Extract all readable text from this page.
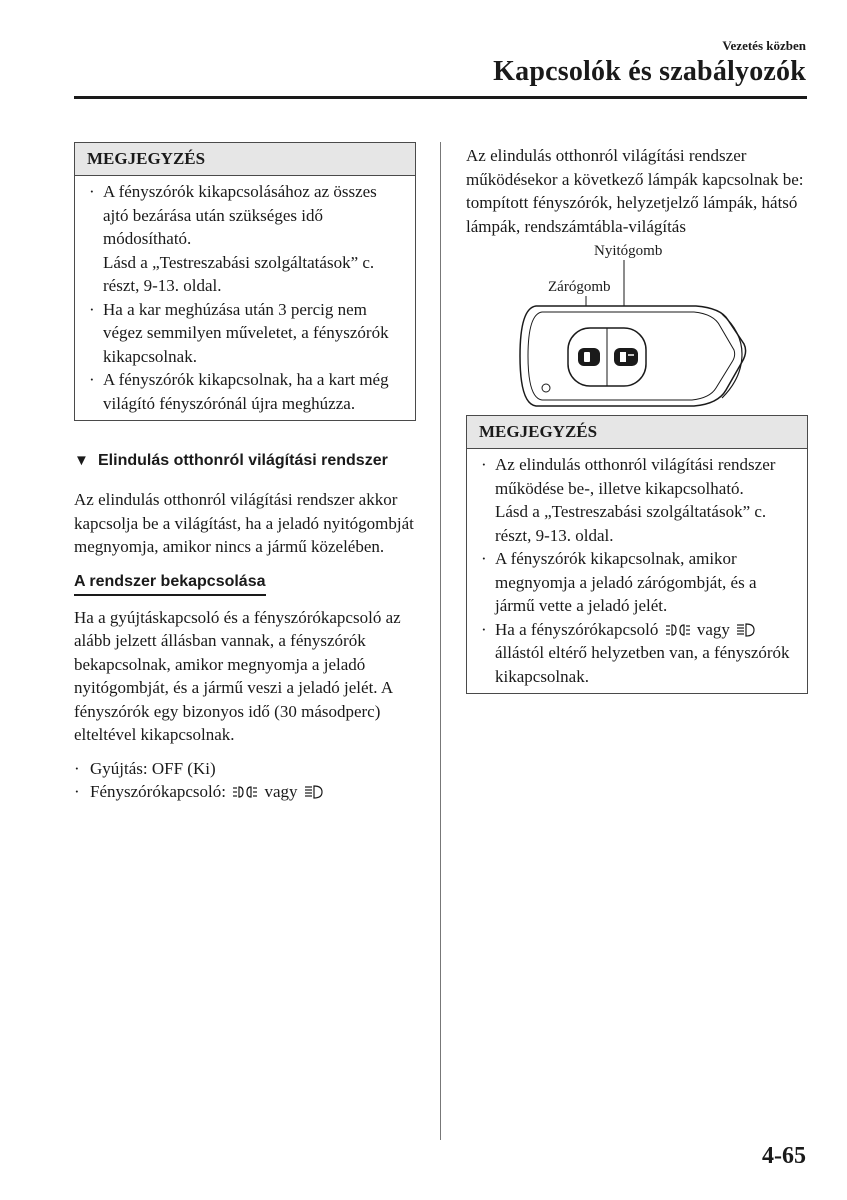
Vezetés közben
Kapcsolók és szabályozók
MEGJEGYZÉS
· A fényszórók kikapcsolásához az összes ajtó bezárása után szükséges idő módosítható.
Lásd a „Testreszabási szolgáltatások” c. részt, 9-13. oldal.
· Ha a kar meghúzása után 3 percig nem végez semmilyen műveletet, a fényszórók kikapcsolnak.
· A fényszórók kikapcsolnak, ha a kart még világító fényszórónál újra meghúzza.
▼ Elindulás otthonról világítási rendszer
Az elindulás otthonról világítási rendszer akkor kapcsolja be a világítást, ha a jeladó nyitógombját megnyomja, amikor nincs a jármű közelében.
A rendszer bekapcsolása
Ha a gyújtáskapcsoló és a fényszórókapcsoló az alább jelzett állásban vannak, a fényszórók bekapcsolnak, amikor megnyomja a jeladó nyitógombját, és a jármű veszi a jeladó jelét. A fényszórók egy bizonyos idő (30 másodperc) elteltével kikapcsolnak.
· Gyújtás: OFF (Ki)
· Fényszórókapcsoló: vagy
Az elindulás otthonról világítási rendszer működésekor a következő lámpák kapcsolnak be:
tompított fényszórók, helyzetjelző lámpák, hátsó lámpák, rendszámtábla-világítás
Nyitógomb
Zárógomb
MEGJEGYZÉS
· Az elindulás otthonról világítási rendszer működése be-, illetve kikapcsolható.
Lásd a „Testreszabási szolgáltatások” c. részt, 9-13. oldal.
· A fényszórók kikapcsolnak, amikor megnyomja a jeladó zárógombját, és a jármű vette a jeladó jelét.
· Ha a fényszórókapcsoló vagy  állástól eltérő helyzetben van, a fényszórók kikapcsolnak.
4-65
